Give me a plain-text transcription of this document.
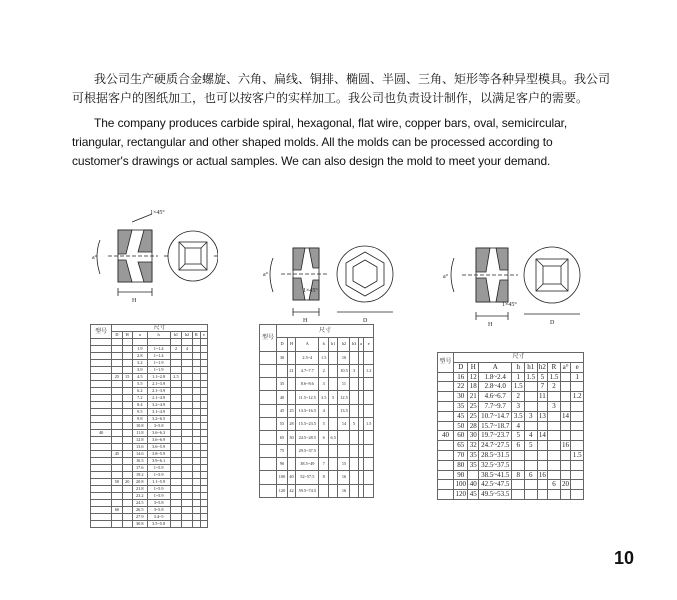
我公司生产硬质合金螺旋、六角、扁线、铜排、椭圆、半圆、三角、矩形等各种异型模具。我公司可根据客户的图纸加工，也可以按客户的实样加工。我公司也负责设计制作，以满足客户的需要。

The company produces carbide spiral, hexagonal, flat wire, copper bars, oval, semicircular, triangular, rectangular and other shaped molds. All the molds can be processed according to customer's drawings or actual samples. We can also design the mold to meet your demand.

a°
1×45°
H
a°
1×45°
H	D
a°
1×45°
H	D
型号	尺寸							
	D	H	a	h	h1	h2	R	e

			1.9	1~1.4	2	4		
			2.8	1~1.4				
			3.2	1~1.9				
			3.9	1~1.9				
	25	15	4.5	1.1~2.8	2.5			
			5.5	2.1~3.9				
			6.2	2.1~3.9				
			7.2	2.1~4.9				
			8.4	3.2~4.9				
			9.5	3.1~4.9				
			9.8	3.2~6.5				
			10.8	3~5.8				
40			11.8	3.6~6.3				
			12.8	3.6~6.9				
			13.6	3.6~5.9				
	45		14.6	3.8~5.9				
			16.5	3.9~6.1				
			17.6	1~5.9				
			19.2	1~5.9				
	50	20	20.8	1.1~5.9				
			21.8	1~5.9				
			23.2	1~5.9				
			24.5	3~5.8				
	60		26.5	3~5.8				
			27.9	3.4~5				
			30.8	3.5~5.8				
型号	尺寸								
	D	H	A	h	h1	h2	h3	a	e
	30		2.5~4	1.5		10			
		21	4.7~7.7	2		10.5	3		1.2
	35		8.6~8.6	3		11			
	40		11.5~12.5	3.5	5	12.5			
	45	25	13.5~16.5	4		13.5			
	55	28	15.5~23.5	5		14	5		1.5
	65	30	24.5~28.5	6	6.5				
	75		29.5~37.5						
	90		38.5~49	7		15			
	100	40	52~57.5	8		16			
	120	42	59.5~74.5			16			
型号	尺寸								
	D	H	A	h	h1	h2	R	a°	e
	16	12	1.8~2.4	1	1.5	5	1.5		1
	22	18	2.8~4.0	1.5		7	2		
	30	21	4.6~6.7	2		11			1.2
	35	25	7.7~9.7	3			3		
	45	25	10.7~14.7	3.5	3	13		14	
	50	28	15.7~18.7	4					
40	60	30	19.7~23.7	5	4	14			
	65	32	24.7~27.5	6	5			16	
	70	35	28.5~31.5						1.5
	80	35	32.5~37.5						
	90		38.5~41.5	8	6	16			
	100	40	42.5~47.5				6	20	
	120	45	49.5~53.5						
10
